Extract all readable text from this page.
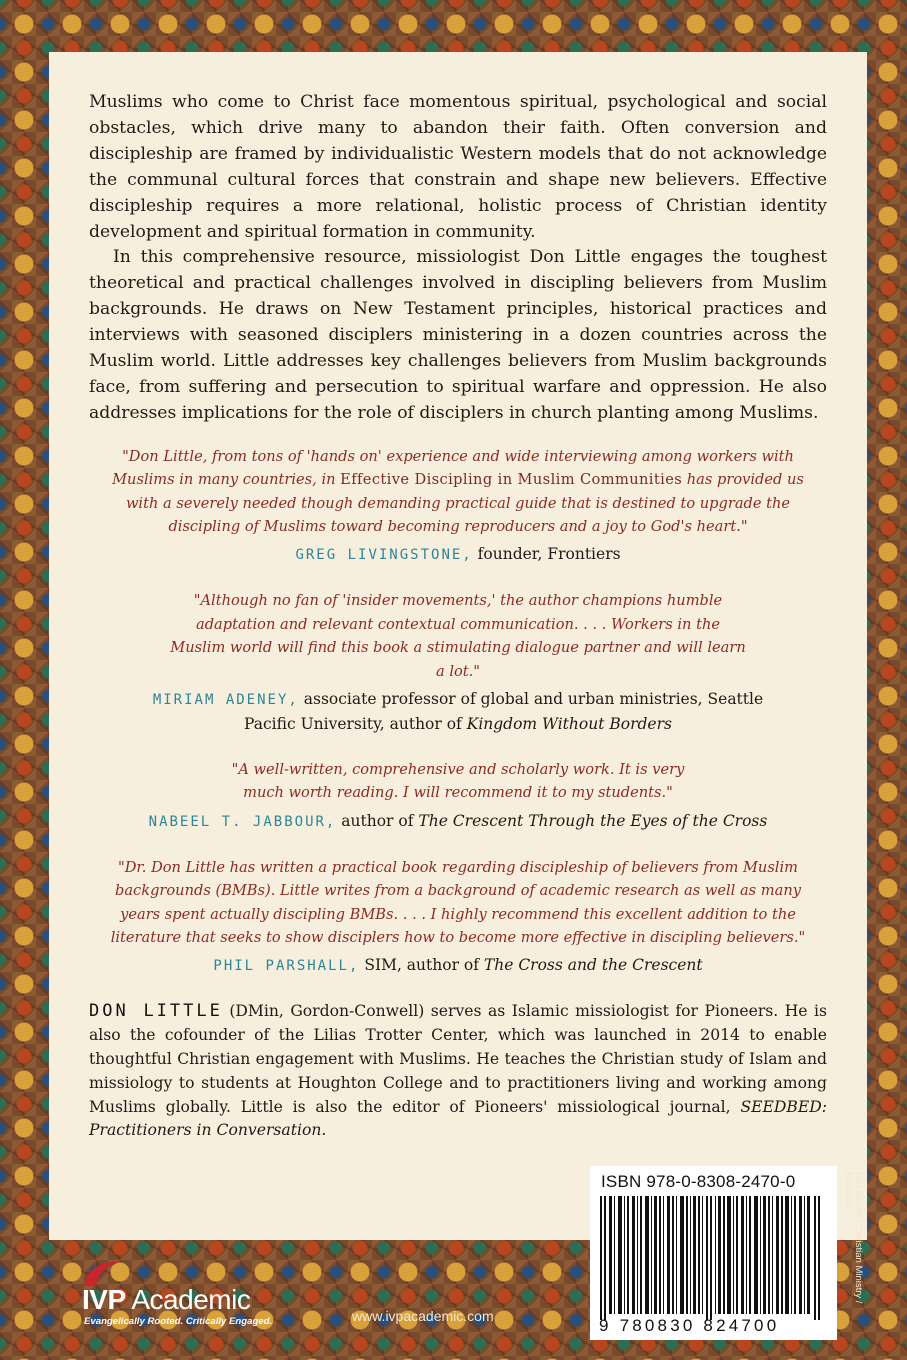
Muslims who come to Christ face momentous spiritual, psychological and social obstacles, which drive many to abandon their faith. Often conversion and discipleship are framed by individualistic Western models that do not acknowledge the communal cultural forces that constrain and shape new believers. Effective discipleship requires a more relational, holistic process of Christian identity development and spiritual formation in community.

In this comprehensive resource, missiologist Don Little engages the toughest theoretical and practical challenges involved in discipling believers from Muslim backgrounds. He draws on New Testament principles, historical practices and interviews with seasoned disciplers ministering in a dozen countries across the Muslim world. Little addresses key challenges believers from Muslim backgrounds face, from suffering and persecution to spiritual warfare and oppression. He also addresses implications for the role of disciplers in church planting among Muslims.

"Don Little, from tons of 'hands on' experience and wide interviewing among workers with Muslims in many countries, in Effective Discipling in Muslim Communities has provided us with a severely needed though demanding practical guide that is destined to upgrade the discipling of Muslims toward becoming reproducers and a joy to God's heart."

GREG LIVINGSTONE, founder, Frontiers

"Although no fan of 'insider movements,' the author champions humble adaptation and relevant contextual communication. . . . Workers in the Muslim world will find this book a stimulating dialogue partner and will learn a lot."

MIRIAM ADENEY, associate professor of global and urban ministries, Seattle Pacific University, author of Kingdom Without Borders

"A well-written, comprehensive and scholarly work. It is very much worth reading. I will recommend it to my students."

NABEEL T. JABBOUR, author of The Crescent Through the Eyes of the Cross

"Dr. Don Little has written a practical book regarding discipleship of believers from Muslim backgrounds (BMBs). Little writes from a background of academic research as well as many years spent actually discipling BMBs. . . . I highly recommend this excellent addition to the literature that seeks to show disciplers how to become more effective in discipling believers."

PHIL PARSHALL, SIM, author of The Cross and the Crescent
DON LITTLE (DMin, Gordon-Conwell) serves as Islamic missiologist for Pioneers. He is also the cofounder of the Lilias Trotter Center, which was launched in 2014 to enable thoughtful Christian engagement with Muslims. He teaches the Christian study of Islam and missiology to students at Houghton College and to practitioners living and working among Muslims globally. Little is also the editor of Pioneers' missiological journal, SEEDBED: Practitioners in Conversation.
ISBN 978-0-8308-2470-0
9 780830 824700
RELIGION / Christian Ministry / Missions
IVP Academic
Evangelically Rooted. Critically Engaged.	www.ivpacademic.com
